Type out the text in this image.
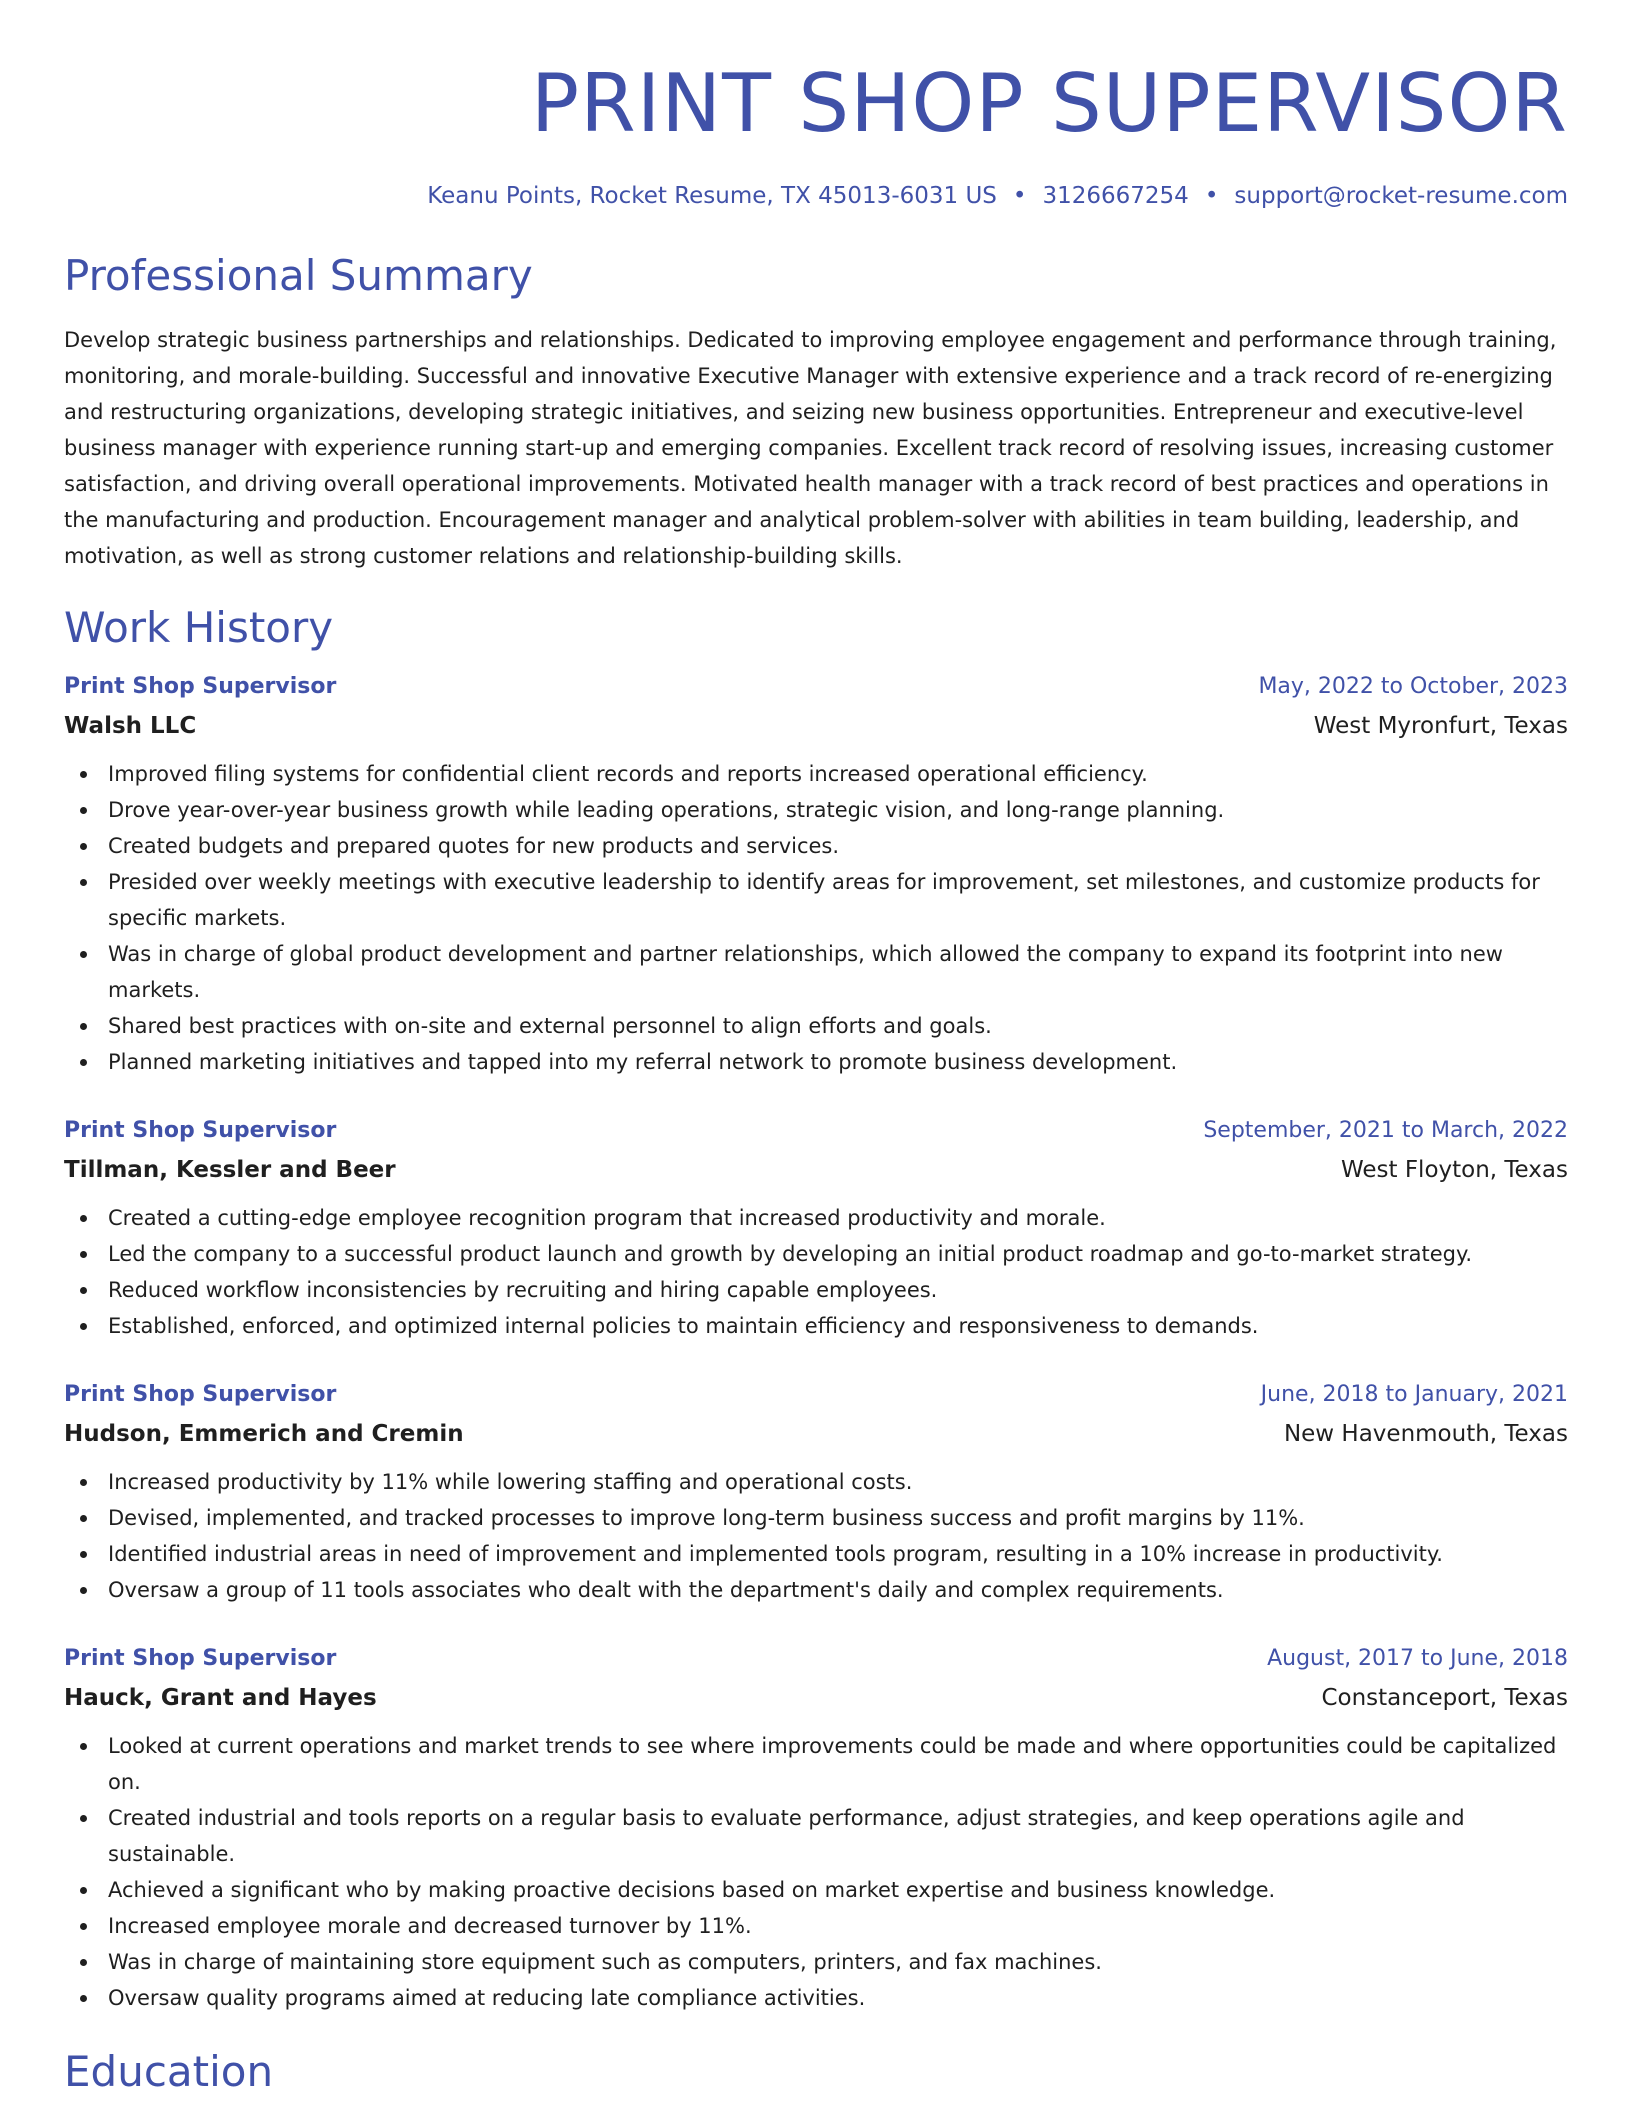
PRINT SHOP SUPERVISOR
Keanu Points, Rocket Resume, TX 45013-6031 US • 3126667254 • support@rocket-resume.com
Professional Summary

Develop strategic business partnerships and relationships. Dedicated to improving employee engagement and performance through training, monitoring, and morale-building. Successful and innovative Executive Manager with extensive experience and a track record of re-energizing and restructuring organizations, developing strategic initiatives, and seizing new business opportunities. Entrepreneur and executive-level business manager with experience running start-up and emerging companies. Excellent track record of resolving issues, increasing customer satisfaction, and driving overall operational improvements. Motivated health manager with a track record of best practices and operations in the manufacturing and production. Encouragement manager and analytical problem-solver with abilities in team building, leadership, and motivation, as well as strong customer relations and relationship-building skills.

Work History
Print Shop Supervisor	May, 2022 to October, 2023
Walsh LLC	West Myronfurt, Texas
Improved filing systems for confidential client records and reports increased operational efficiency.
Drove year-over-year business growth while leading operations, strategic vision, and long-range planning.
Created budgets and prepared quotes for new products and services.
Presided over weekly meetings with executive leadership to identify areas for improvement, set milestones, and customize products for specific markets.
Was in charge of global product development and partner relationships, which allowed the company to expand its footprint into new markets.
Shared best practices with on-site and external personnel to align efforts and goals.
Planned marketing initiatives and tapped into my referral network to promote business development.
Print Shop Supervisor	September, 2021 to March, 2022
Tillman, Kessler and Beer	West Floyton, Texas
Created a cutting-edge employee recognition program that increased productivity and morale.
Led the company to a successful product launch and growth by developing an initial product roadmap and go-to-market strategy.
Reduced workflow inconsistencies by recruiting and hiring capable employees.
Established, enforced, and optimized internal policies to maintain efficiency and responsiveness to demands.
Print Shop Supervisor	June, 2018 to January, 2021
Hudson, Emmerich and Cremin	New Havenmouth, Texas
Increased productivity by 11% while lowering staffing and operational costs.
Devised, implemented, and tracked processes to improve long-term business success and profit margins by 11%.
Identified industrial areas in need of improvement and implemented tools program, resulting in a 10% increase in productivity.
Oversaw a group of 11 tools associates who dealt with the department's daily and complex requirements.
Print Shop Supervisor	August, 2017 to June, 2018
Hauck, Grant and Hayes	Constanceport, Texas
Looked at current operations and market trends to see where improvements could be made and where opportunities could be capitalized on.
Created industrial and tools reports on a regular basis to evaluate performance, adjust strategies, and keep operations agile and sustainable.
Achieved a significant who by making proactive decisions based on market expertise and business knowledge.
Increased employee morale and decreased turnover by 11%.
Was in charge of maintaining store equipment such as computers, printers, and fax machines.
Oversaw quality programs aimed at reducing late compliance activities.
Education
